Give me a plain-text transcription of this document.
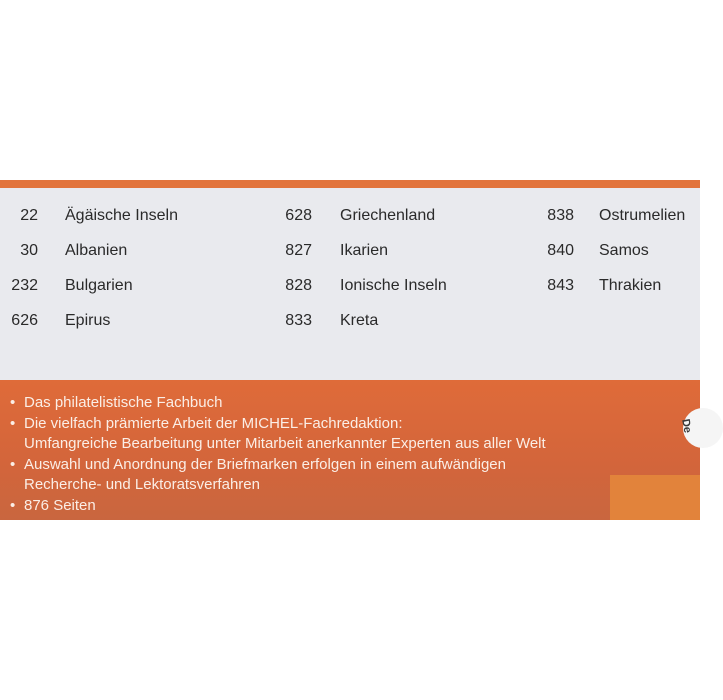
22 Ägäische Inseln
30 Albanien
232 Bulgarien
626 Epirus
628 Griechenland
827 Ikarien
828 Ionische Inseln
833 Kreta
838 Ostrumelien
840 Samos
843 Thrakien
• Das philatelistische Fachbuch
• Die vielfach prämierte Arbeit der MICHEL-Fachredaktion:
Umfangreiche Bearbeitung unter Mitarbeit anerkannter Experten aus aller Welt
• Auswahl und Anordnung der Briefmarken erfolgen in einem aufwändigen
Recherche- und Lektoratsverfahren
• 876 Seiten
De
